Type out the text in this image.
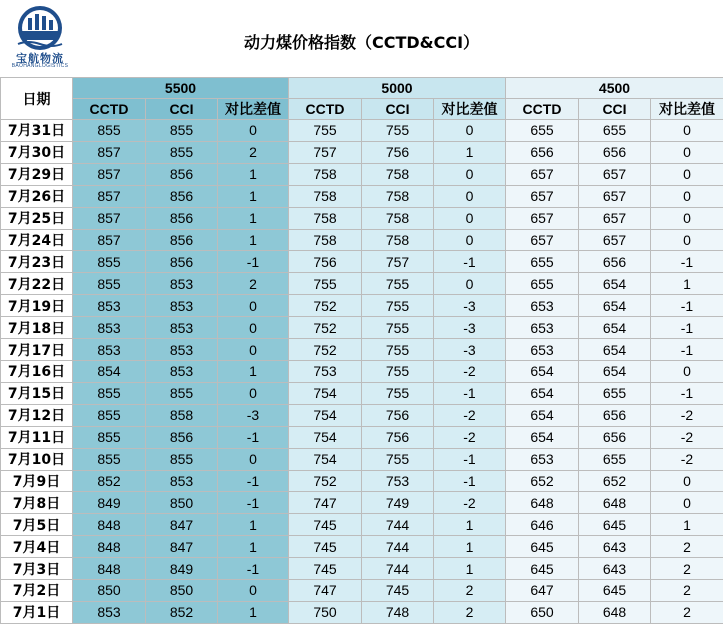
宝航物流
BAOHANGLOGISTICS
动力煤价格指数（CCTD&CCI）
日期	5500			5000			4500		
	CCTD	CCI	对比差值	CCTD	CCI	对比差值	CCTD	CCI	对比差值
7月31日	855	855	0	755	755	0	655	655	0
7月30日	857	855	2	757	756	1	656	656	0
7月29日	857	856	1	758	758	0	657	657	0
7月26日	857	856	1	758	758	0	657	657	0
7月25日	857	856	1	758	758	0	657	657	0
7月24日	857	856	1	758	758	0	657	657	0
7月23日	855	856	-1	756	757	-1	655	656	-1
7月22日	855	853	2	755	755	0	655	654	1
7月19日	853	853	0	752	755	-3	653	654	-1
7月18日	853	853	0	752	755	-3	653	654	-1
7月17日	853	853	0	752	755	-3	653	654	-1
7月16日	854	853	1	753	755	-2	654	654	0
7月15日	855	855	0	754	755	-1	654	655	-1
7月12日	855	858	-3	754	756	-2	654	656	-2
7月11日	855	856	-1	754	756	-2	654	656	-2
7月10日	855	855	0	754	755	-1	653	655	-2
7月9日	852	853	-1	752	753	-1	652	652	0
7月8日	849	850	-1	747	749	-2	648	648	0
7月5日	848	847	1	745	744	1	646	645	1
7月4日	848	847	1	745	744	1	645	643	2
7月3日	848	849	-1	745	744	1	645	643	2
7月2日	850	850	0	747	745	2	647	645	2
7月1日	853	852	1	750	748	2	650	648	2
